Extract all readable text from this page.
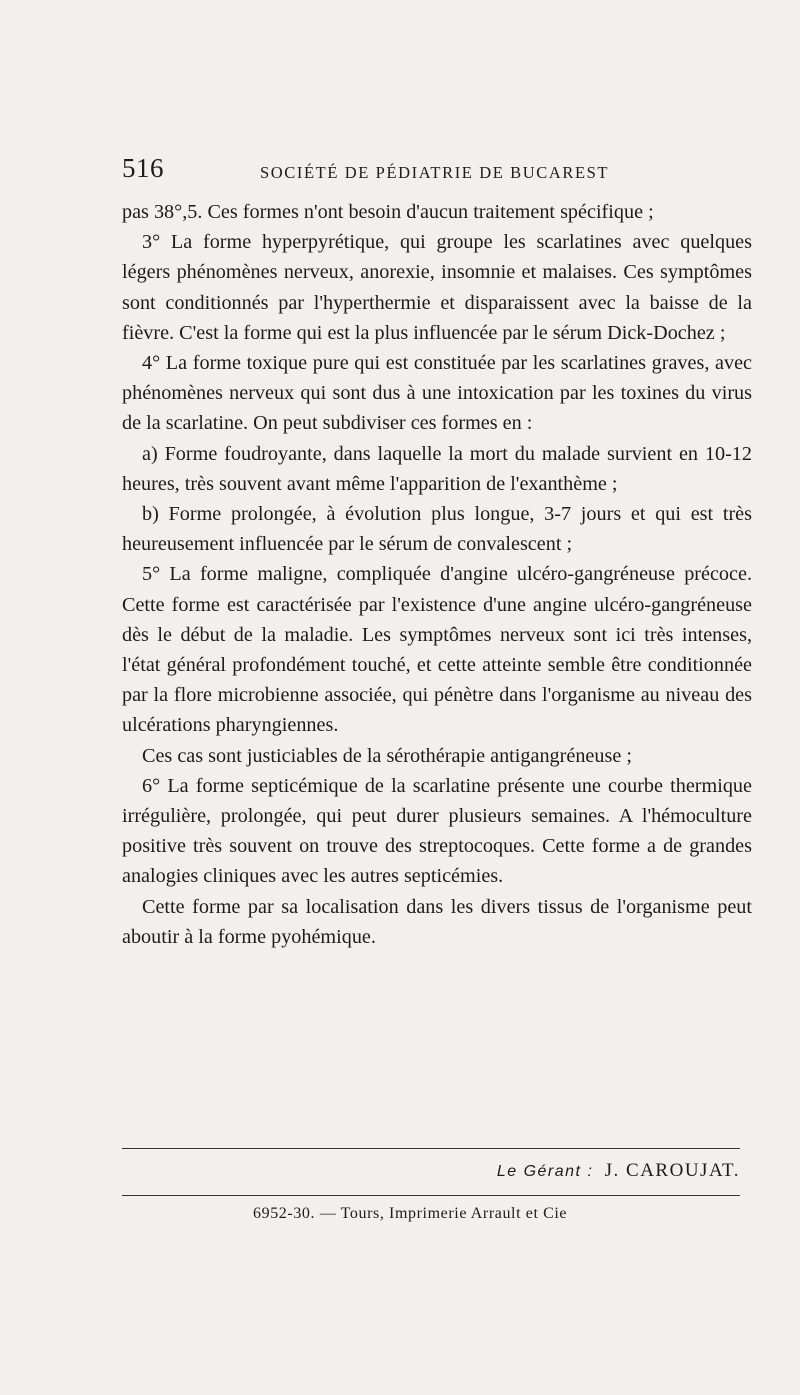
516	SOCIÉTÉ DE PÉDIATRIE DE BUCAREST

pas 38°,5. Ces formes n'ont besoin d'aucun traitement spécifique ;

3° La forme hyperpyrétique, qui groupe les scarlatines avec quelques légers phénomènes nerveux, anorexie, insomnie et malaises. Ces symptômes sont conditionnés par l'hyperthermie et disparaissent avec la baisse de la fièvre. C'est la forme qui est la plus influencée par le sérum Dick-Dochez ;

4° La forme toxique pure qui est constituée par les scarlatines graves, avec phénomènes nerveux qui sont dus à une intoxication par les toxines du virus de la scarlatine. On peut subdiviser ces formes en :

a) Forme foudroyante, dans laquelle la mort du malade survient en 10-12 heures, très souvent avant même l'apparition de l'exanthème ;

b) Forme prolongée, à évolution plus longue, 3-7 jours et qui est très heureusement influencée par le sérum de convalescent ;

5° La forme maligne, compliquée d'angine ulcéro-gangréneuse précoce. Cette forme est caractérisée par l'existence d'une angine ulcéro-gangréneuse dès le début de la maladie. Les symptômes nerveux sont ici très intenses, l'état général profondément touché, et cette atteinte semble être conditionnée par la flore microbienne associée, qui pénètre dans l'organisme au niveau des ulcérations pharyngiennes.

Ces cas sont justiciables de la sérothérapie antigangréneuse ;

6° La forme septicémique de la scarlatine présente une courbe thermique irrégulière, prolongée, qui peut durer plusieurs semaines. A l'hémoculture positive très souvent on trouve des streptocoques. Cette forme a de grandes analogies cliniques avec les autres septicémies.

Cette forme par sa localisation dans les divers tissus de l'organisme peut aboutir à la forme pyohémique.

Le Gérant : J. CAROUJAT.
6952-30. — Tours, Imprimerie Arrault et Cie
